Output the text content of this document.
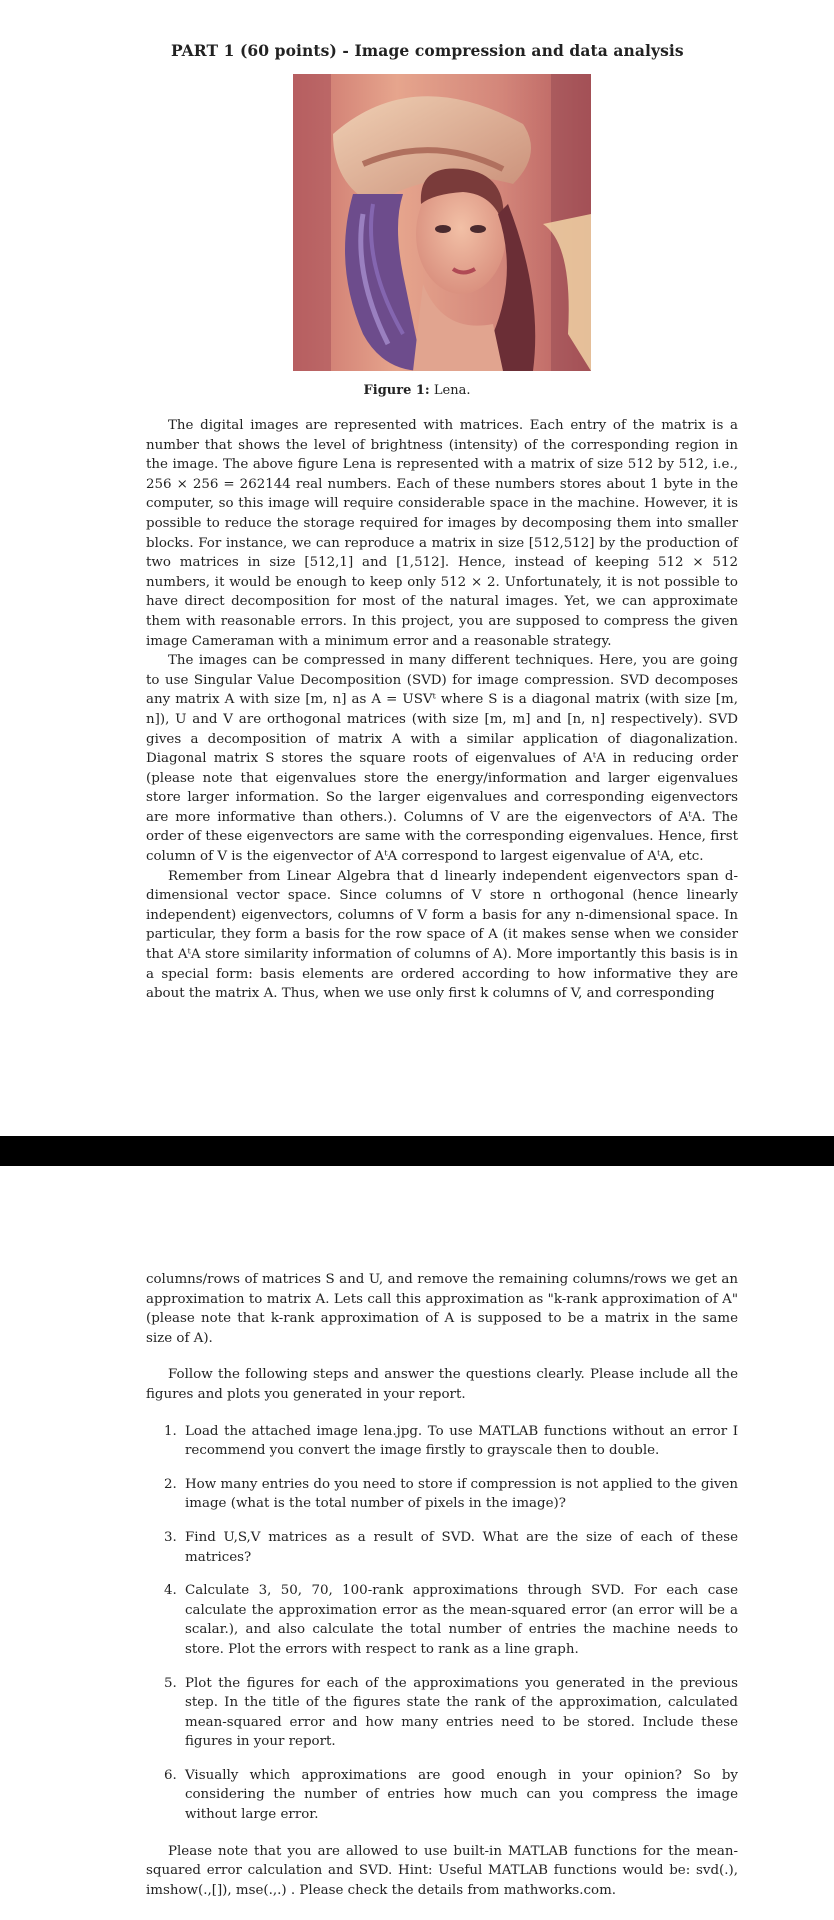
PART 1 (60 points) - Image compression and data analysis
Figure 1: Lena.

The digital images are represented with matrices. Each entry of the matrix is a number that shows the level of brightness (intensity) of the corresponding region in the image. The above figure Lena is represented with a matrix of size 512 by 512, i.e., 256 × 256 = 262144 real numbers. Each of these numbers stores about 1 byte in the computer, so this image will require considerable space in the machine. However, it is possible to reduce the storage required for images by decomposing them into smaller blocks. For instance, we can reproduce a matrix in size [512,512] by the production of two matrices in size [512,1] and [1,512]. Hence, instead of keeping 512 × 512 numbers, it would be enough to keep only 512 × 2. Unfortunately, it is not possible to have direct decomposition for most of the natural images. Yet, we can approximate them with reasonable errors. In this project, you are supposed to compress the given image Cameraman with a minimum error and a reasonable strategy.

The images can be compressed in many different techniques. Here, you are going to use Singular Value Decomposition (SVD) for image compression. SVD decomposes any matrix A with size [m, n] as A = USVᵗ where S is a diagonal matrix (with size [m, n]), U and V are orthogonal matrices (with size [m, m] and [n, n] respectively). SVD gives a decomposition of matrix A with a similar application of diagonalization. Diagonal matrix S stores the square roots of eigenvalues of AᵗA in reducing order (please note that eigenvalues store the energy/information and larger eigenvalues store larger information. So the larger eigenvalues and corresponding eigenvectors are more informative than others.). Columns of V are the eigenvectors of AᵗA. The order of these eigenvectors are same with the corresponding eigenvalues. Hence, first column of V is the eigenvector of AᵗA correspond to largest eigenvalue of AᵗA, etc.

Remember from Linear Algebra that d linearly independent eigenvectors span d-dimensional vector space. Since columns of V store n orthogonal (hence linearly independent) eigenvectors, columns of V form a basis for any n-dimensional space. In particular, they form a basis for the row space of A (it makes sense when we consider that AᵗA store similarity information of columns of A). More importantly this basis is in a special form: basis elements are ordered according to how informative they are about the matrix A. Thus, when we use only first k columns of V, and corresponding

columns/rows of matrices S and U, and remove the remaining columns/rows we get an approximation to matrix A. Lets call this approximation as "k-rank approximation of A" (please note that k-rank approximation of A is supposed to be a matrix in the same size of A).

Follow the following steps and answer the questions clearly. Please include all the figures and plots you generated in your report.

1. Load the attached image lena.jpg. To use MATLAB functions without an error I recommend you convert the image firstly to grayscale then to double.
2. How many entries do you need to store if compression is not applied to the given image (what is the total number of pixels in the image)?
3. Find U,S,V matrices as a result of SVD. What are the size of each of these matrices?
4. Calculate 3, 50, 70, 100-rank approximations through SVD. For each case calculate the approximation error as the mean-squared error (an error will be a scalar.), and also calculate the total number of entries the machine needs to store. Plot the errors with respect to rank as a line graph.
5. Plot the figures for each of the approximations you generated in the previous step. In the title of the figures state the rank of the approximation, calculated mean-squared error and how many entries need to be stored. Include these figures in your report.
6. Visually which approximations are good enough in your opinion? So by considering the number of entries how much can you compress the image without large error.

Please note that you are allowed to use built-in MATLAB functions for the mean-squared error calculation and SVD. Hint: Useful MATLAB functions would be: svd(.), imshow(.,[]), mse(.,.) . Please check the details from mathworks.com.
